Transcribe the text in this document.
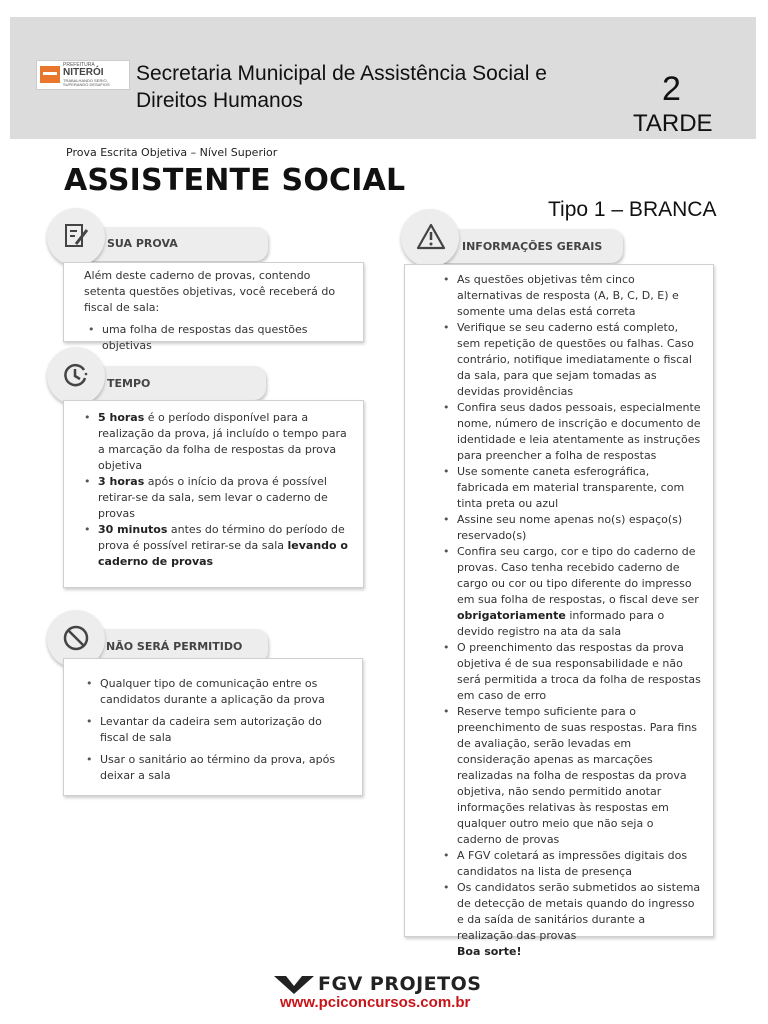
PREFEITURA
NITERÓI
TRABALHANDO SERIO, SUPERANDO DESAFIOS	Secretaria Municipal de Assistência Social e
Direitos Humanos	2
TARDE
Prova Escrita Objetiva – Nível Superior
ASSISTENTE SOCIAL
Tipo 1 – BRANCA
SUA PROVA

Além deste caderno de provas, contendo setenta questões objetivas, você receberá do fiscal de sala:

• uma folha de respostas das questões objetivas
TEMPO
• 5 horas é o período disponível para a realização da prova, já incluído o tempo para a marcação da folha de respostas da prova objetiva
• 3 horas após o início da prova é possível retirar-se da sala, sem levar o caderno de provas
• 30 minutos antes do término do período de prova é possível retirar-se da sala levando o caderno de provas
NÃO SERÁ PERMITIDO
• Qualquer tipo de comunicação entre os candidatos durante a aplicação da prova
• Levantar da cadeira sem autorização do fiscal de sala
• Usar o sanitário ao término da prova, após deixar a sala
INFORMAÇÕES GERAIS
• As questões objetivas têm cinco alternativas de resposta (A, B, C, D, E) e somente uma delas está correta
• Verifique se seu caderno está completo, sem repetição de questões ou falhas. Caso contrário, notifique imediatamente o fiscal da sala, para que sejam tomadas as devidas providências
• Confira seus dados pessoais, especialmente nome, número de inscrição e documento de identidade e leia atentamente as instruções para preencher a folha de respostas
• Use somente caneta esferográfica, fabricada em material transparente, com tinta preta ou azul
• Assine seu nome apenas no(s) espaço(s) reservado(s)
• Confira seu cargo, cor e tipo do caderno de provas. Caso tenha recebido caderno de cargo ou cor ou tipo diferente do impresso em sua folha de respostas, o fiscal deve ser obrigatoriamente informado para o devido registro na ata da sala
• O preenchimento das respostas da prova objetiva é de sua responsabilidade e não será permitida a troca da folha de respostas em caso de erro
• Reserve tempo suficiente para o preenchimento de suas respostas. Para fins de avaliação, serão levadas em consideração apenas as marcações realizadas na folha de respostas da prova objetiva, não sendo permitido anotar informações relativas às respostas em qualquer outro meio que não seja o caderno de provas
• A FGV coletará as impressões digitais dos candidatos na lista de presença
• Os candidatos serão submetidos ao sistema de detecção de metais quando do ingresso e da saída de sanitários durante a realização das provas

Boa sorte!

FGV PROJETOS
www.pciconcursos.com.br
